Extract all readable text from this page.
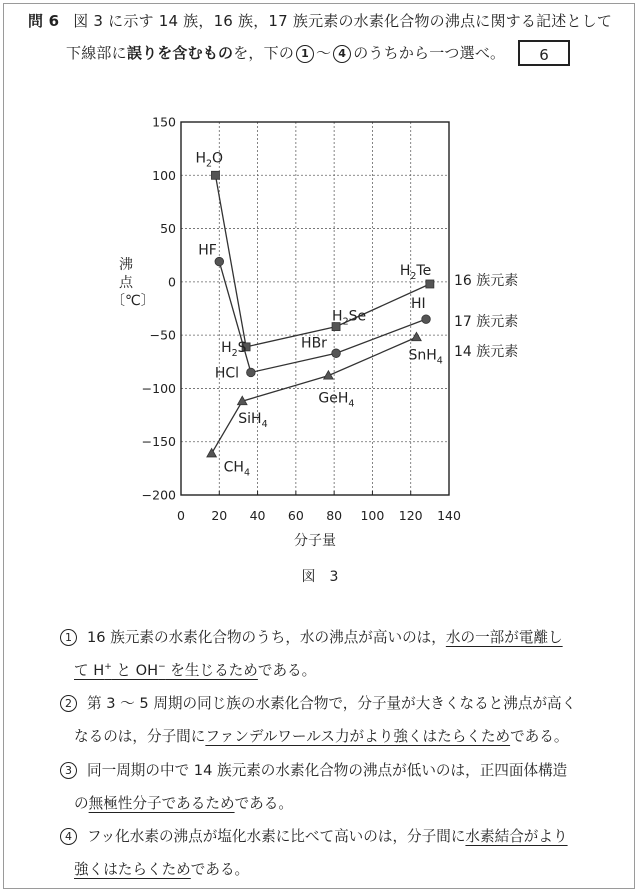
問 6 図 3 に示す 14 族，16 族，17 族元素の水素化合物の沸点に関する記述として
下線部に誤りを含むものを，下の 1 ～ 4 のうちから一つ選べ。	6
0 20 40 60 80 100 120 140
150
100
50
0
−50
−100
−150
−200
$H_2O$
$H_2S$
$H_2Se$
$H_2Te$
HF
HCl
HBr
HI
$CH_4$
SiH$_4$
GeH$_4$
SnH$_4$
16 族元素
17 族元素
14 族元素
沸
点
〔℃〕
分子量
図　3
1 16 族元素の水素化合物のうち，水の沸点が高いのは，水の一部が電離し
て H+ と OH− を生じるためである。
2 第 3 ～ 5 周期の同じ族の水素化合物で，分子量が大きくなると沸点が高く
なるのは，分子間にファンデルワールス力がより強くはたらくためである。
3 同一周期の中で 14 族元素の水素化合物の沸点が低いのは，正四面体構造
の無極性分子であるためである。
4 フッ化水素の沸点が塩化水素に比べて高いのは，分子間に水素結合がより
強くはたらくためである。
